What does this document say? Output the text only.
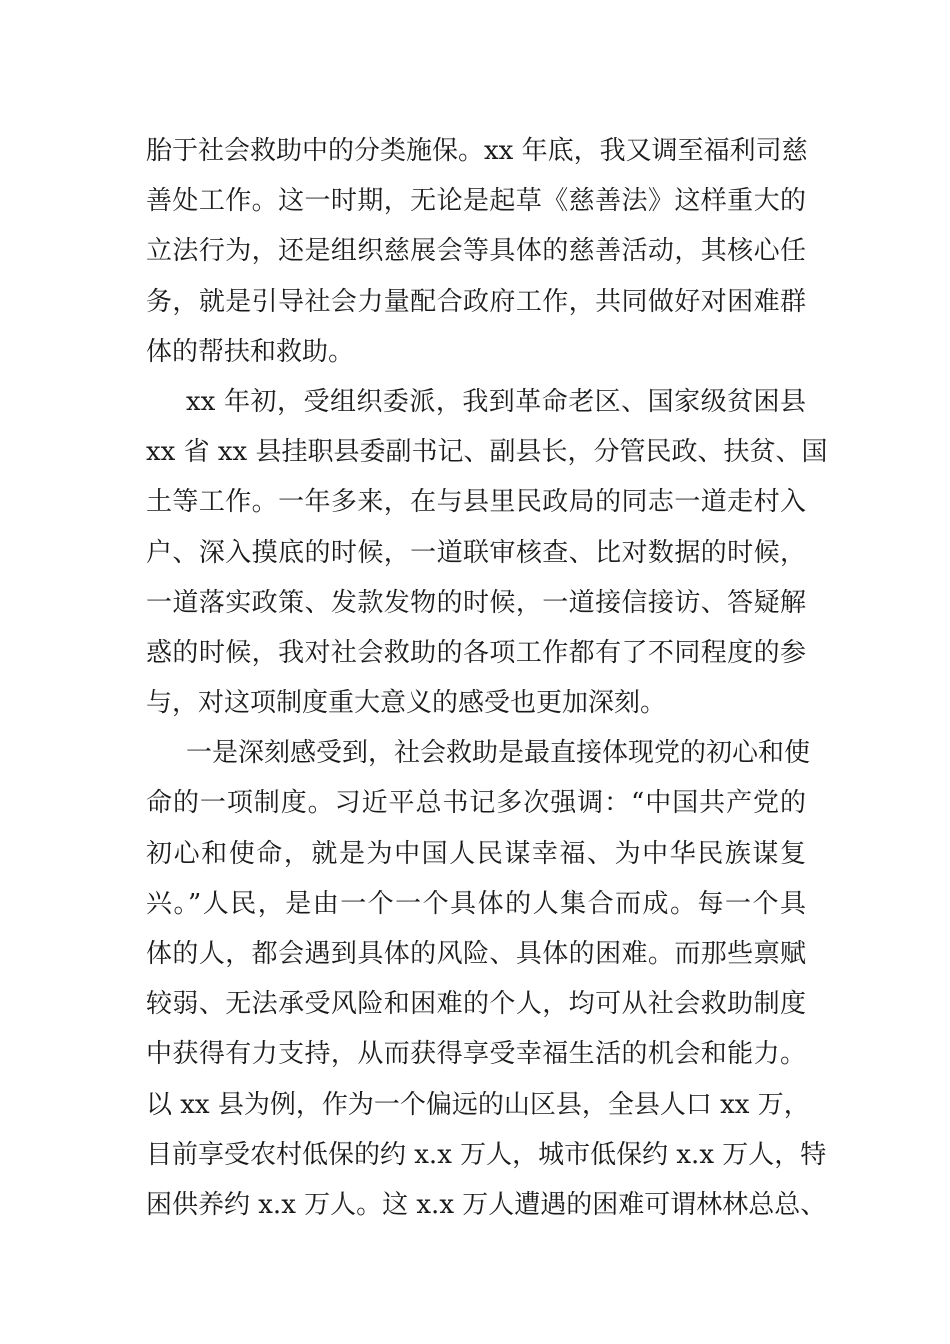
胎于社会救助中的分类施保。xx 年底，我又调至福利司慈
善处工作。这一时期，无论是起草《慈善法》这样重大的
立法行为，还是组织慈展会等具体的慈善活动，其核心任
务，就是引导社会力量配合政府工作，共同做好对困难群
体的帮扶和救助。

xx 年初，受组织委派，我到革命老区、国家级贫困县
xx 省 xx 县挂职县委副书记、副县长，分管民政、扶贫、国
土等工作。一年多来，在与县里民政局的同志一道走村入
户、深入摸底的时候，一道联审核查、比对数据的时候，
一道落实政策、发款发物的时候，一道接信接访、答疑解
惑的时候，我对社会救助的各项工作都有了不同程度的参
与，对这项制度重大意义的感受也更加深刻。

一是深刻感受到，社会救助是最直接体现党的初心和使
命的一项制度。习近平总书记多次强调：“中国共产党的
初心和使命，就是为中国人民谋幸福、为中华民族谋复
兴。”人民，是由一个一个具体的人集合而成。每一个具
体的人，都会遇到具体的风险、具体的困难。而那些禀赋
较弱、无法承受风险和困难的个人，均可从社会救助制度
中获得有力支持，从而获得享受幸福生活的机会和能力。
以 xx 县为例，作为一个偏远的山区县，全县人口 xx 万，
目前享受农村低保的约 x.x 万人，城市低保约 x.x 万人，特
困供养约 x.x 万人。这 x.x 万人遭遇的困难可谓林林总总、
